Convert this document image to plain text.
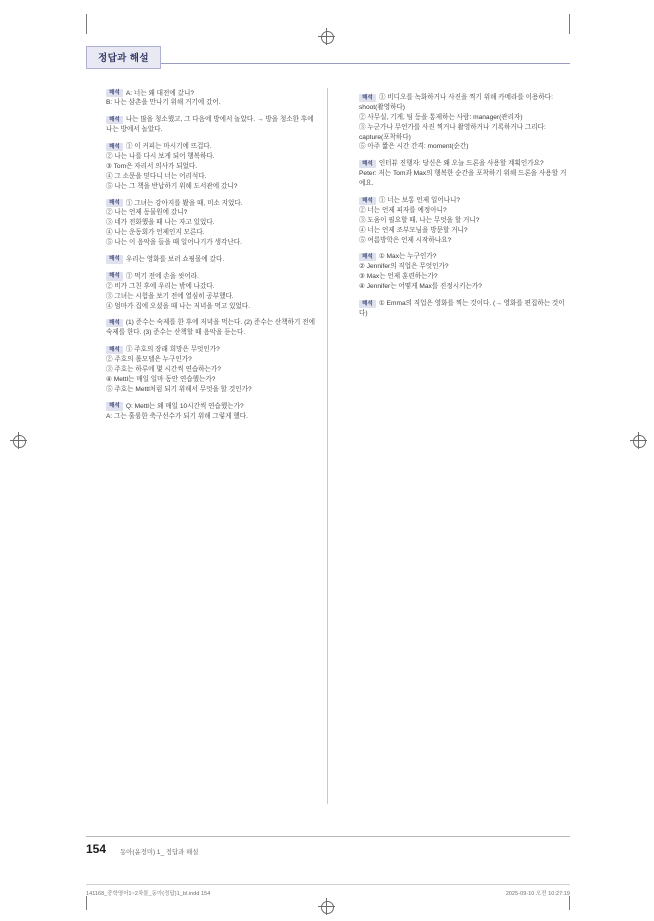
정답과 해설

해석 A: 너는 왜 대전에 갔니?

B: 나는 삼촌을 만나기 위해 거기에 갔어.

해석 나는 많을 청소했고, 그 다음에 방에서 놀았다. → 방을 청소한 후에 나는 방에서 놀았다.

해석 ① 이 커피는 마시기에 뜨겁다.

② 나는 나를 다시 보게 되어 행복하다.

③ Tom은 자리서 의사가 되었다.

④ 그 소문을 믿다니 너는 어리석다.

⑤ 나는 그 책을 반납하기 위해 도서관에 갔니?

해석 ① 그녀는 강아지를 봤을 때, 미소 지었다.

② 나는 언제 동물원에 갔니?

③ 네가 전화했을 때 나는 자고 있었다.

④ 나는 운동회가 언제인지 모른다.

⑤ 나는 이 음악을 들을 때 일어나기가 생각난다.

해석 우리는 영화를 보러 쇼핑몰에 갔다.

해석 ① 먹기 전에 손을 씻어라.

② 비가 그친 후에 우리는 밖에 나갔다.

③ 그녀는 시험을 보기 전에 열심히 공부했다.

④ 엄마가 집에 오셨을 때 나는 저녁을 먹고 있었다.

해석 (1) 준수는 숙제를 한 후에 저녁을 먹는다. (2) 준수는 산책하기 전에 숙제를 한다. (3) 준수는 산책할 때 음악을 듣는다.

해석 ① 주호의 장래 희망은 무엇인가?

② 주호의 롤모델은 누구인가?

③ 주호는 하루에 몇 시간씩 연습하는가?

④ Mettl는 매일 일마 동안 연습했는가?

⑤ 주호는 Mettl처럼 되기 위해서 무엇을 할 것인가?

해석 Q: Mettl는 왜 매일 10시간씩 연습했는가?

A: 그는 훌륭한 축구선수가 되기 위해 그렇게 했다.

해석 ① 비디오를 녹화하거나 사진을 찍기 위해 카메라를 이용하다: shoot(촬영하다)

② 사무실, 기게, 팀 등을 통제하는 사람: manager(관리자)

③ 누군가나 무언가를 사진 찍거나 촬영하거나 기록하거나 그리다: capture(포착하다)

⑤ 아주 짧은 시간 간격: moment(순간)

해석 인터뷰 진행자: 당신은 왜 오늘 드론을 사용할 계획인가요?

Peter: 저는 Tom과 Max의 행복한 순간을 포착하기 위해 드론을 사용할 거예요.

해석 ① 너는 보통 언제 일어나니?

② 너는 언제 피자를 예정아니?

③ 도움이 필요할 때, 나는 무엇을 할 거니?

④ 너는 언제 조부모님을 방문할 거니?

⑤ 여름방학은 언제 시작하나요?

해석 ① Max는 누구인가?

② Jennifer의 직업은 무엇인가?

③ Max는 언제 훈련하는가?

④ Jennifer는 어떻게 Max를 진정시키는가?

해석 ① Emma의 직업은 영화를 찍는 것이다. (→ 영화를 편집하는 것이다)

154 동아(윤정미) 1_ 정답과 해설
141168_중학영어1~2차물_동아(정답)1_bl.indd 154	2025-09-10 오전 10:27:19
